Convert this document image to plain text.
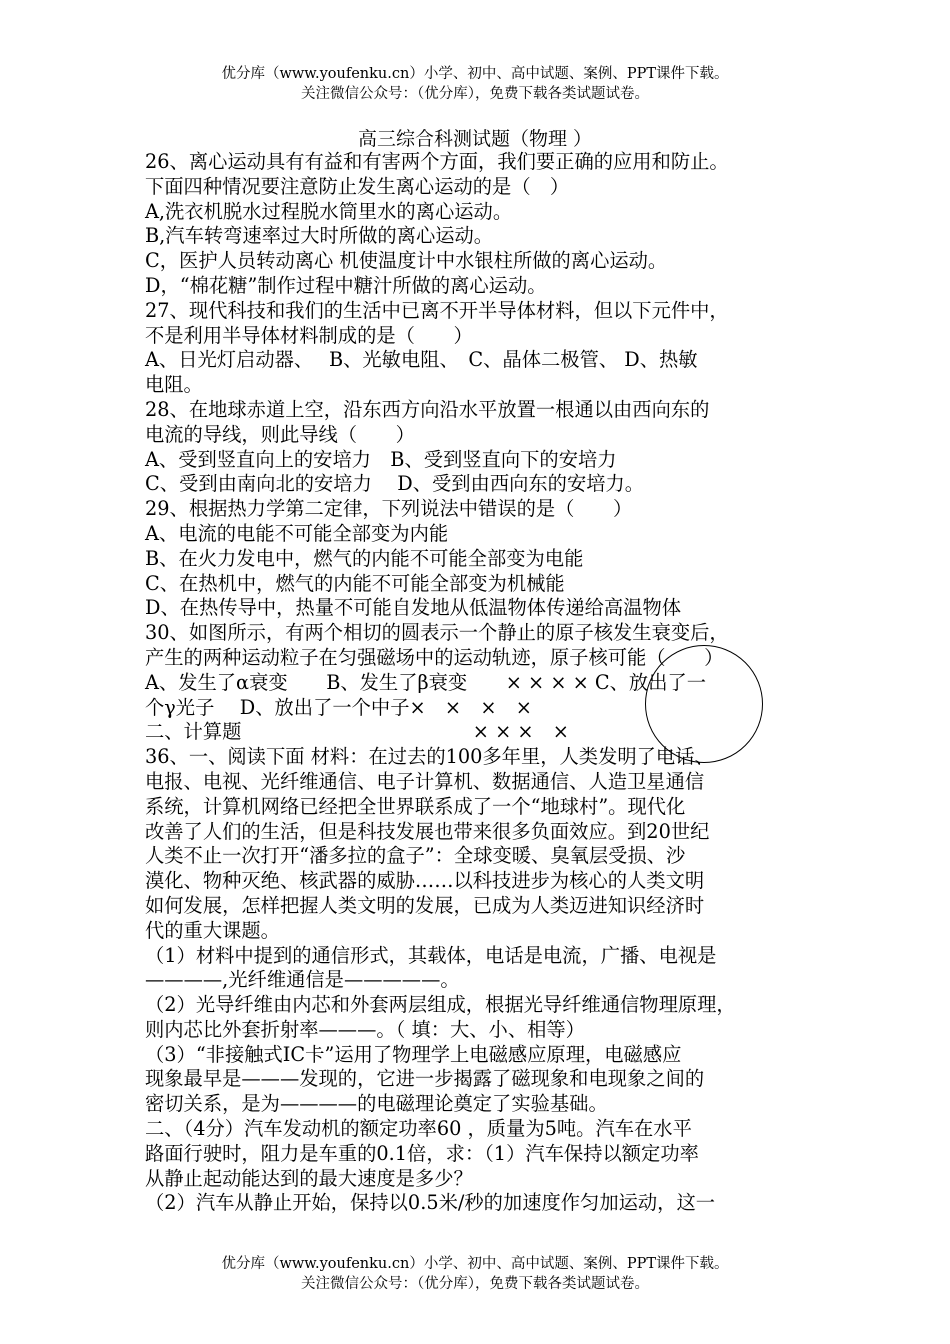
优分库（www.youfenku.cn）小学、初中、高中试题、案例、PPT课件下载。
关注微信公众号：（优分库），免费下载各类试题试卷。
高三综合科测试题（物理 ）
26、离心运动具有有益和有害两个方面，我们要正确的应用和防止。
下面四种情况要注意防止发生离心运动的是（　）
A,洗衣机脱水过程脱水筒里水的离心运动。
B,汽车转弯速率过大时所做的离心运动。
C，医护人员转动离心 机使温度计中水银柱所做的离心运动。
D，“棉花糖”制作过程中糖汁所做的离心运动。
27、现代科技和我们的生活中已离不开半导体材料，但以下元件中，
不是利用半导体材料制成的是（　　）
A、日光灯启动器、　 B、光敏电阻、　C、晶体二极管、 D、热敏
电阻。
28、在地球赤道上空，沿东西方向沿水平放置一根通以由西向东的
电流的导线，则此导线（　　）
A、受到竖直向上的安培力　B、受到竖直向下的安培力
C、受到由南向北的安培力　 D、受到由西向东的安培力。
29、根据热力学第二定律，下列说法中错误的是（　　）
A、电流的电能不可能全部变为内能
B、在火力发电中，燃气的内能不可能全部变为电能
C、在热机中，燃气的内能不可能全部变为机械能
D、在热传导中，热量不可能自发地从低温物体传递给高温物体
30、如图所示，有两个相切的圆表示一个静止的原子核发生衰变后，
产生的两种运动粒子在匀强磁场中的运动轨迹，原子核可能（　　）
A、发生了α衰变　　B、发生了β衰变　　× × × × C、放出了一
个γ光子　 D、放出了一个中子×　×　×　×
二、计算题　　　　　　　　　　　　× × ×　×
36、一、阅读下面 材料：在过去的100多年里，人类发明了电话、
电报、电视、光纤维通信、电子计算机、数据通信、人造卫星通信
系统，计算机网络已经把全世界联系成了一个“地球村”。现代化
改善了人们的生活，但是科技发展也带来很多负面效应。到20世纪
人类不止一次打开“潘多拉的盒子”：全球变暖、臭氧层受损、沙
漠化、物种灭绝、核武器的威胁……以科技进步为核心的人类文明
如何发展，怎样把握人类文明的发展，已成为人类迈进知识经济时
代的重大课题。
（1）材料中提到的通信形式，其载体，电话是电流，广播、电视是
————,光纤维通信是—————。
（2）光导纤维由内芯和外套两层组成，根据光导纤维通信物理原理，
则内芯比外套折射率———。（ 填：大、小、相等）
（3）“非接触式IC卡”运用了物理学上电磁感应原理，电磁感应
现象最早是———发现的，它进一步揭露了磁现象和电现象之间的
密切关系，是为————的电磁理论奠定了实验基础。
二、（4分）汽车发动机的额定功率60 ，质量为5吨。汽车在水平
路面行驶时，阻力是车重的0.1倍，求：（1）汽车保持以额定功率
从静止起动能达到的最大速度是多少？
（2）汽车从静止开始，保持以0.5米/秒的加速度作匀加运动，这一
优分库（www.youfenku.cn）小学、初中、高中试题、案例、PPT课件下载。
关注微信公众号：（优分库），免费下载各类试题试卷。
